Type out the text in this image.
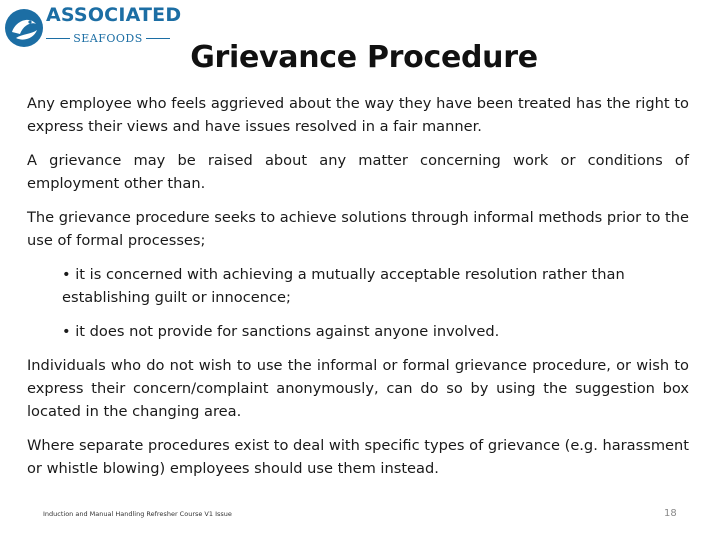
ASSOCIATED
SEAFOODS
Grievance Procedure

Any employee who feels aggrieved about the way they have been treated has the right to express their views and have issues resolved in a fair manner.

A grievance may be raised about any matter concerning work or conditions of employment other than.

The grievance procedure seeks to achieve solutions through informal methods prior to the use of formal processes;

• it is concerned with achieving a mutually acceptable resolution rather than establishing guilt or innocence;

• it does not provide for sanctions against anyone involved.

Individuals who do not wish to use the informal or formal grievance procedure, or wish to express their concern/complaint anonymously, can do so by using the suggestion box located in the changing area.

Where separate procedures exist to deal with specific types of grievance (e.g. harassment or whistle blowing) employees should use them instead.

Induction and Manual Handling Refresher Course V1 Issue	18
